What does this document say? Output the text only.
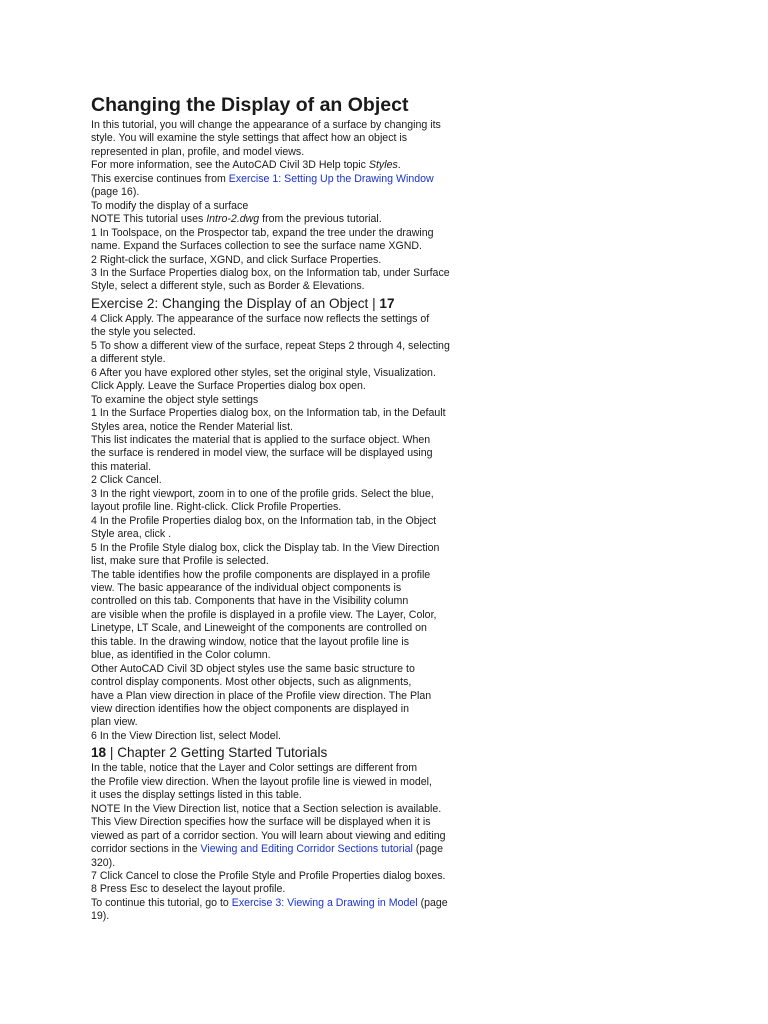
Changing the Display of an Object
In this tutorial, you will change the appearance of a surface by changing its
style. You will examine the style settings that affect how an object is
represented in plan, profile, and model views.
For more information, see the AutoCAD Civil 3D Help topic Styles.
This exercise continues from Exercise 1: Setting Up the Drawing Window
(page 16).
To modify the display of a surface
NOTE This tutorial uses Intro-2.dwg from the previous tutorial.
1 In Toolspace, on the Prospector tab, expand the tree under the drawing
name. Expand the Surfaces collection to see the surface name XGND.
2 Right-click the surface, XGND, and click Surface Properties.
3 In the Surface Properties dialog box, on the Information tab, under Surface
Style, select a different style, such as Border & Elevations.
Exercise 2: Changing the Display of an Object | 17
4 Click Apply. The appearance of the surface now reflects the settings of
the style you selected.
5 To show a different view of the surface, repeat Steps 2 through 4, selecting
a different style.
6 After you have explored other styles, set the original style, Visualization.
Click Apply. Leave the Surface Properties dialog box open.
To examine the object style settings
1 In the Surface Properties dialog box, on the Information tab, in the Default
Styles area, notice the Render Material list.
This list indicates the material that is applied to the surface object. When
the surface is rendered in model view, the surface will be displayed using
this material.
2 Click Cancel.
3 In the right viewport, zoom in to one of the profile grids. Select the blue,
layout profile line. Right-click. Click Profile Properties.
4 In the Profile Properties dialog box, on the Information tab, in the Object
Style area, click .
5 In the Profile Style dialog box, click the Display tab. In the View Direction
list, make sure that Profile is selected.
The table identifies how the profile components are displayed in a profile
view. The basic appearance of the individual object components is
controlled on this tab. Components that have in the Visibility column
are visible when the profile is displayed in a profile view. The Layer, Color,
Linetype, LT Scale, and Lineweight of the components are controlled on
this table. In the drawing window, notice that the layout profile line is
blue, as identified in the Color column.
Other AutoCAD Civil 3D object styles use the same basic structure to
control display components. Most other objects, such as alignments,
have a Plan view direction in place of the Profile view direction. The Plan
view direction identifies how the object components are displayed in
plan view.
6 In the View Direction list, select Model.
18 | Chapter 2 Getting Started Tutorials
In the table, notice that the Layer and Color settings are different from
the Profile view direction. When the layout profile line is viewed in model,
it uses the display settings listed in this table.
NOTE In the View Direction list, notice that a Section selection is available.
This View Direction specifies how the surface will be displayed when it is
viewed as part of a corridor section. You will learn about viewing and editing
corridor sections in the Viewing and Editing Corridor Sections tutorial (page
320).
7 Click Cancel to close the Profile Style and Profile Properties dialog boxes.
8 Press Esc to deselect the layout profile.
To continue this tutorial, go to Exercise 3: Viewing a Drawing in Model (page
19).
